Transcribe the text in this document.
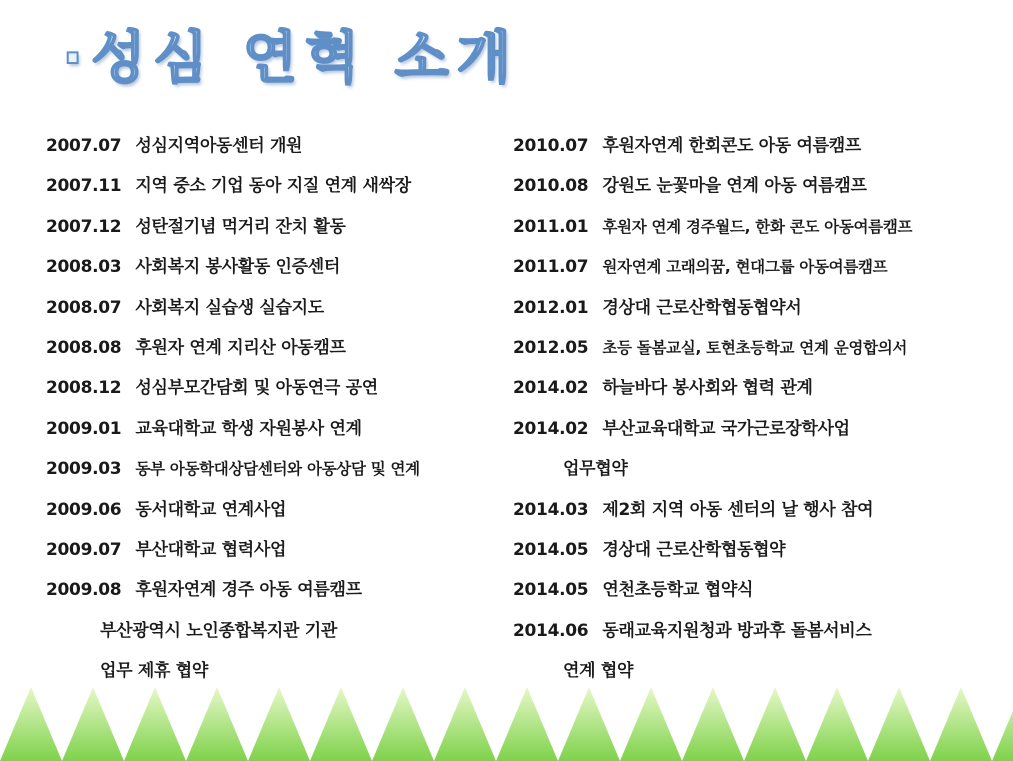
·성심 연혁 소개
2007.07 성심지역아동센터 개원
2007.11 지역 중소 기업 동아 지질 연계 새싹장
2007.12 성탄절기념 먹거리 잔치 활동
2008.03 사회복지 봉사활동 인증센터
2008.07 사회복지 실습생 실습지도
2008.08 후원자 연계 지리산 아동캠프
2008.12 성심부모간담회 및 아동연극 공연
2009.01 교육대학교 학생 자원봉사 연계
2009.03 동부 아동학대상담센터와 아동상담 및 연계
2009.06 동서대학교 연계사업
2009.07 부산대학교 협력사업
2009.08 후원자연계 경주 아동 여름캠프
부산광역시 노인종합복지관 기관
업무 제휴 협약
2010.07 후원자연계 한회콘도 아동 여름캠프
2010.08 강원도 눈꽃마을 연계 아동 여름캠프
2011.01 후원자 연계 경주월드, 한화 콘도 아동여름캠프
2011.07 원자연계 고래의꿈, 현대그룹 아동여름캠프
2012.01 경상대 근로산학협동협약서
2012.05 초등 돌봄교실, 토현초등학교 연계 운영합의서
2014.02 하늘바다 봉사회와 협력 관계
2014.02 부산교육대학교 국가근로장학사업
업무협약
2014.03 제2회 지역 아동 센터의 날 행사 참여
2014.05 경상대 근로산학협동협약
2014.05 연천초등학교 협약식
2014.06 동래교육지원청과 방과후 돌봄서비스
연계 협약
